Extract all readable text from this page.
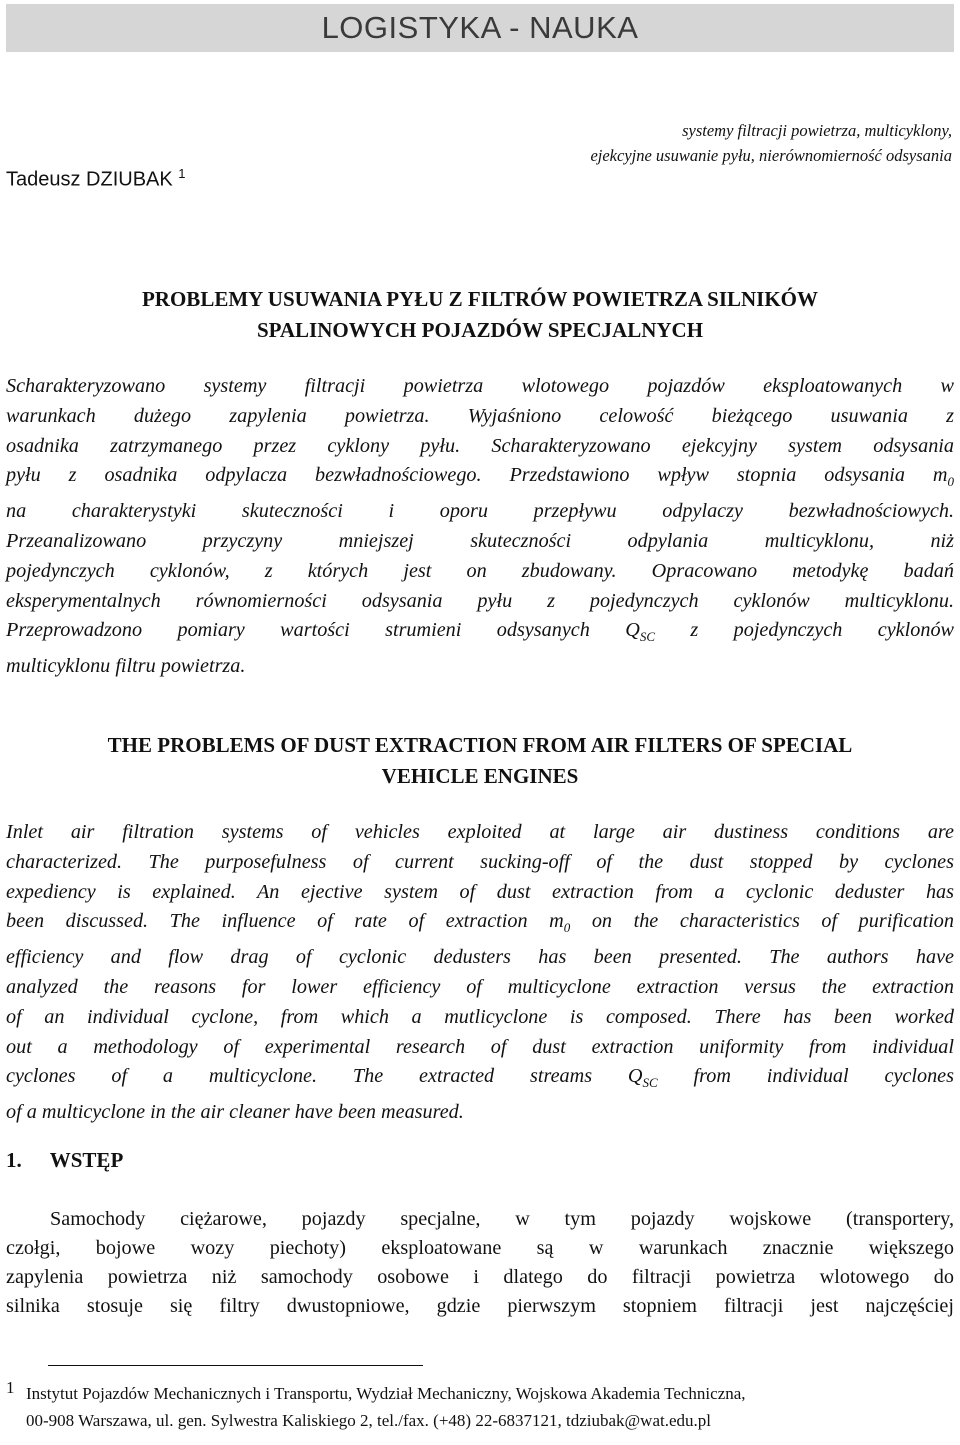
LOGISTYKA - NAUKA
systemy filtracji powietrza, multicyklony,
ejekcyjne usuwanie pyłu, nierównomierność odsysania
Tadeusz DZIUBAK $^1$
PROBLEMY USUWANIA PYŁU Z FILTRÓW POWIETRZA SILNIKÓW
SPALINOWYCH POJAZDÓW SPECJALNYCH
Scharakteryzowano systemy filtracji powietrza wlotowego pojazdów eksploatowanych w
warunkach dużego zapylenia powietrza. Wyjaśniono celowość bieżącego usuwania z
osadnika zatrzymanego przez cyklony pyłu. Scharakteryzowano ejekcyjny system odsysania
pyłu z osadnika odpylacza bezwładnościowego. Przedstawiono wpływ stopnia odsysania $m_0$
na charakterystyki skuteczności i oporu przepływu odpylaczy bezwładnościowych.
Przeanalizowano przyczyny mniejszej skuteczności odpylania multicyklonu, niż
pojedynczych cyklonów, z których jest on zbudowany. Opracowano metodykę badań
eksperymentalnych równomierności odsysania pyłu z pojedynczych cyklonów multicyklonu.
Przeprowadzono pomiary wartości strumieni odsysanych $Q_{SC}$ z pojedynczych cyklonów
multicyklonu filtru powietrza.
THE PROBLEMS OF DUST EXTRACTION FROM AIR FILTERS OF SPECIAL
VEHICLE ENGINES
Inlet air filtration systems of vehicles exploited at large air dustiness conditions are
characterized. The purposefulness of current sucking-off of the dust stopped by cyclones
expediency is explained. An ejective system of dust extraction from a cyclonic deduster has
been discussed. The influence of rate of extraction $m_0$ on the characteristics of purification
efficiency and flow drag of cyclonic dedusters has been presented. The authors have
analyzed the reasons for lower efficiency of multicyclone extraction versus the extraction
of an individual cyclone, from which a mutlicyclone is composed. There has been worked
out a methodology of experimental research of dust extraction uniformity from individual
cyclones of a multicyclone. The extracted streams $Q_{SC}$ from individual cyclones
of a multicyclone in the air cleaner have been measured.
1. WSTĘP
Samochody ciężarowe, pojazdy specjalne, w tym pojazdy wojskowe (transportery,
czołgi, bojowe wozy piechoty) eksploatowane są w warunkach znacznie większego
zapylenia powietrza niż samochody osobowe i dlatego do filtracji powietrza wlotowego do
silnika stosuje się filtry dwustopniowe, gdzie pierwszym stopniem filtracji jest najczęściej
1 Instytut Pojazdów Mechanicznych i Transportu, Wydział Mechaniczny, Wojskowa Akademia Techniczna,
00-908 Warszawa, ul. gen. Sylwestra Kaliskiego 2, tel./fax. (+48) 22-6837121, tdziubak@wat.edu.pl
